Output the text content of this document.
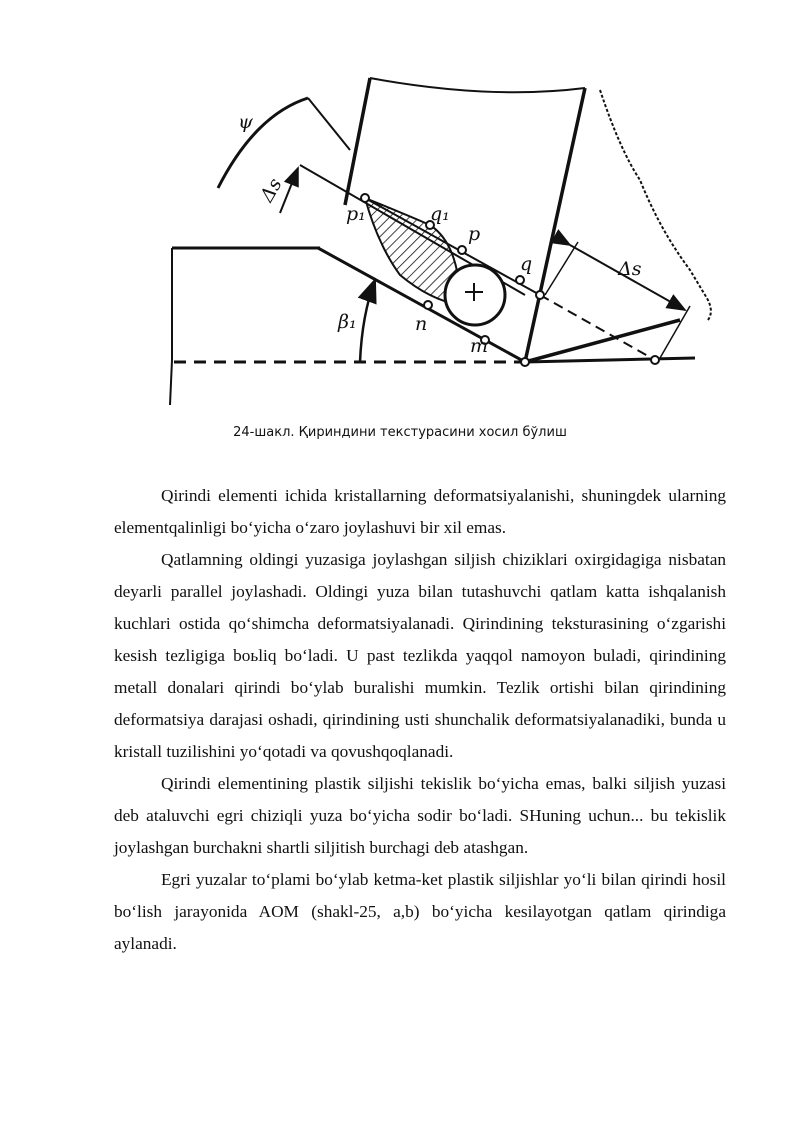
ψ
Δs
p₁	q₁
p
q	Δs
β₁	n
m
24-шакл. Қириндини текстурасини хосил бўлиш

Qirindi elementi ichida kristallarning deformatsiyalanishi, shuningdek ularning elementqalinligi boʻyicha oʻzaro joylashuvi bir xil emas.

Qatlamning oldingi yuzasiga joylashgan siljish chiziklari oxirgidagiga nisbatan deyarli parallel joylashadi. Oldingi yuza bilan tutashuvchi qatlam katta ishqalanish kuchlari ostida qoʻshimcha deformatsiyalanadi. Qirindining teksturasining oʻzgarishi kesish tezligiga boьliq boʻladi. U past tezlikda yaqqol namoyon buladi, qirindining metall donalari qirindi boʻylab buralishi mumkin. Tezlik ortishi bilan qirindining deformatsiya darajasi oshadi, qirindining usti shunchalik deformatsiyalanadiki, bunda u kristall tuzilishini yoʻqotadi va qovushqoqlanadi.

Qirindi elementining plastik siljishi tekislik boʻyicha emas, balki siljish yuzasi deb ataluvchi egri chiziqli yuza boʻyicha sodir boʻladi. SHuning uchun... bu tekislik joylashgan burchakni shartli siljitish burchagi deb atashgan.

Egri yuzalar toʻplami boʻylab ketma-ket plastik siljishlar yoʻli bilan qirindi hosil boʻlish jarayonida AOM (shakl-25, a,b) boʻyicha kesilayotgan qatlam qirindiga aylanadi.
